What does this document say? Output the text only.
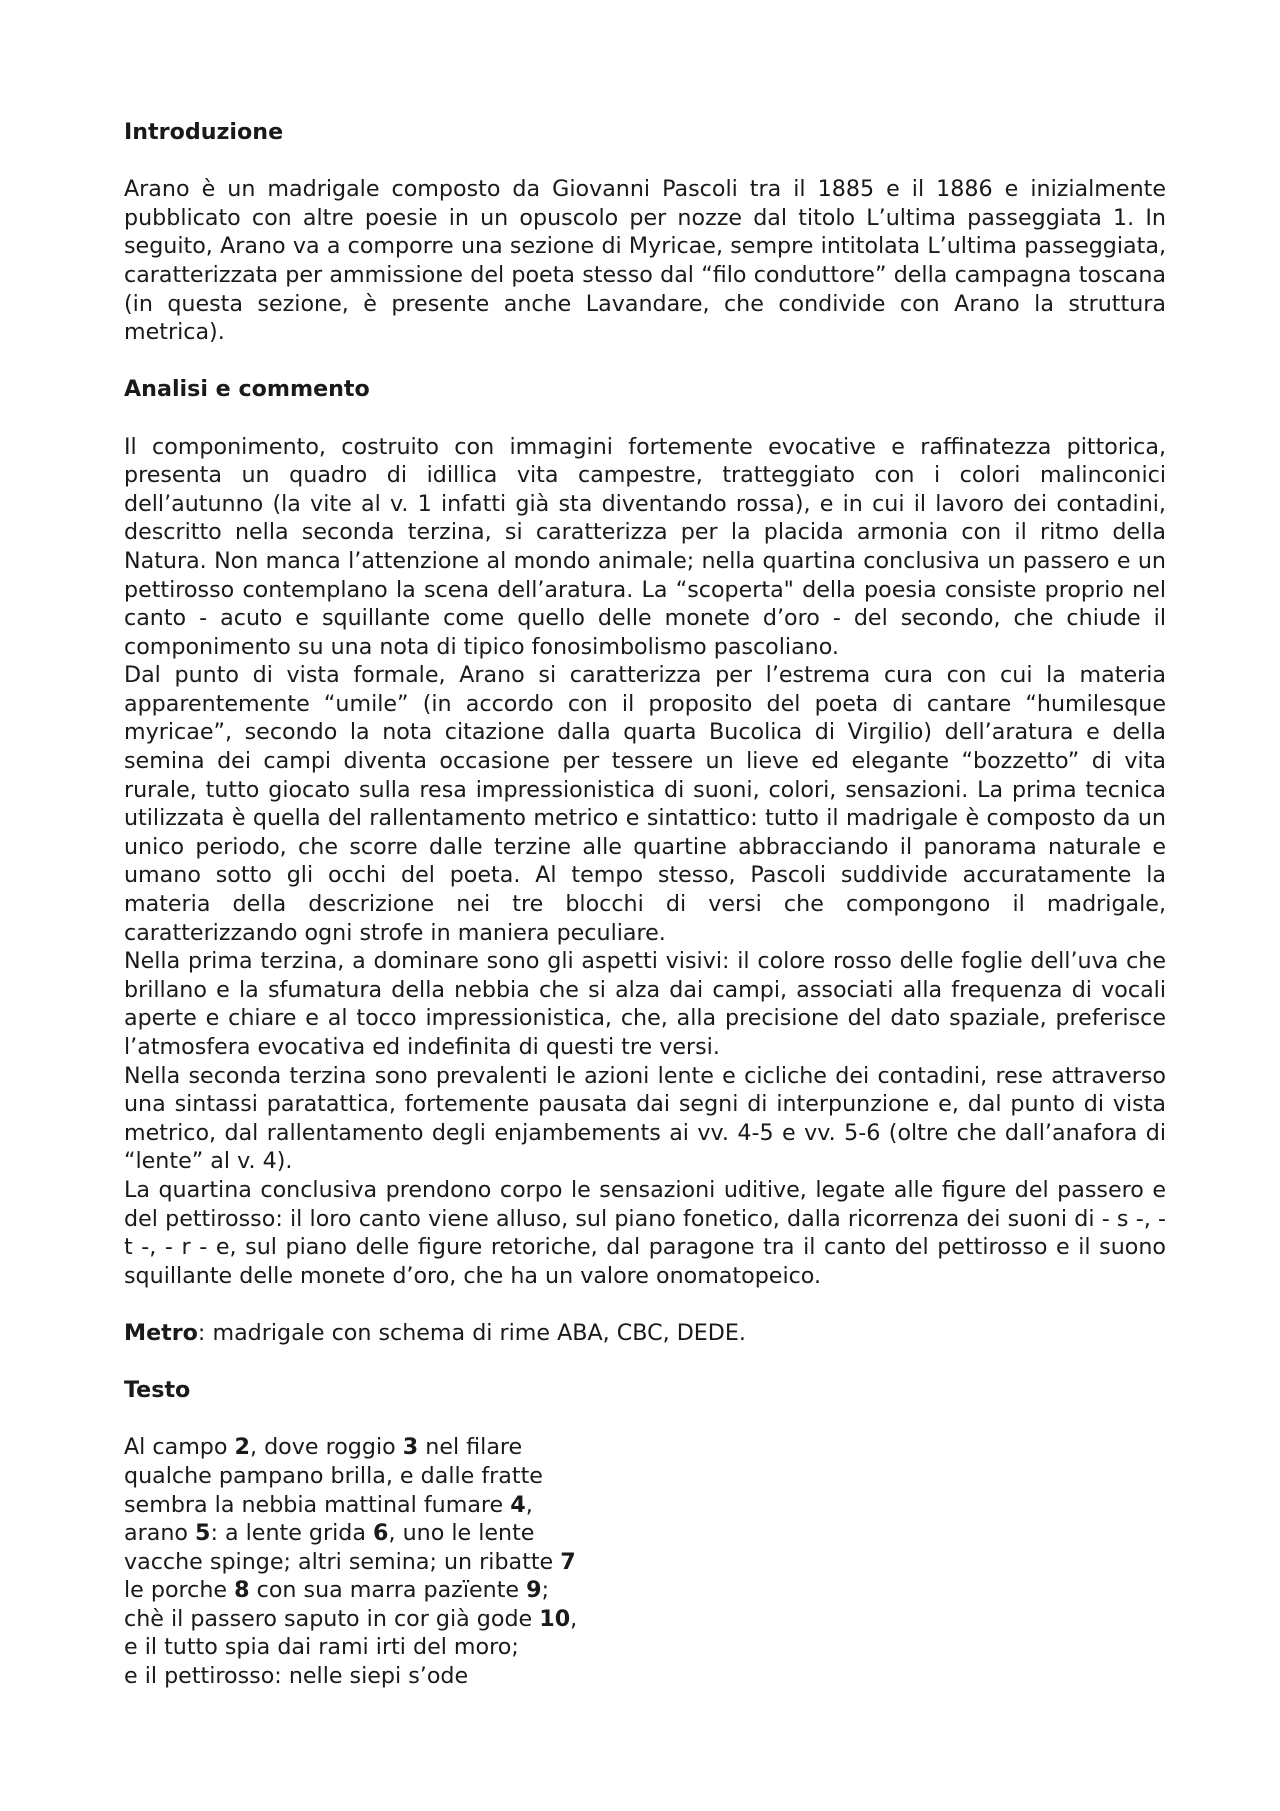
Introduzione

Arano è un madrigale composto da Giovanni Pascoli tra il 1885 e il 1886 e inizialmente pubblicato con altre poesie in un opuscolo per nozze dal titolo L’ultima passeggiata 1. In seguito, Arano va a comporre una sezione di Myricae, sempre intitolata L’ultima passeggiata, caratterizzata per ammissione del poeta stesso dal “filo conduttore” della campagna toscana (in questa sezione, è presente anche Lavandare, che condivide con Arano la struttura metrica).

Analisi e commento

Il componimento, costruito con immagini fortemente evocative e raffinatezza pittorica, presenta un quadro di idillica vita campestre, tratteggiato con i colori malinconici dell’autunno (la vite al v. 1 infatti già sta diventando rossa), e in cui il lavoro dei contadini, descritto nella seconda terzina, si caratterizza per la placida armonia con il ritmo della Natura. Non manca l’attenzione al mondo animale; nella quartina conclusiva un passero e un pettirosso contemplano la scena dell’aratura. La “scoperta" della poesia consiste proprio nel canto - acuto e squillante come quello delle monete d’oro - del secondo, che chiude il componimento su una nota di tipico fonosimbolismo pascoliano.

Dal punto di vista formale, Arano si caratterizza per l’estrema cura con cui la materia apparentemente “umile” (in accordo con il proposito del poeta di cantare “humilesque myricae”, secondo la nota citazione dalla quarta Bucolica di Virgilio) dell’aratura e della semina dei campi diventa occasione per tessere un lieve ed elegante “bozzetto” di vita rurale, tutto giocato sulla resa impressionistica di suoni, colori, sensazioni. La prima tecnica utilizzata è quella del rallentamento metrico e sintattico: tutto il madrigale è composto da un unico periodo, che scorre dalle terzine alle quartine abbracciando il panorama naturale e umano sotto gli occhi del poeta. Al tempo stesso, Pascoli suddivide accuratamente la materia della descrizione nei tre blocchi di versi che compongono il madrigale, caratterizzando ogni strofe in maniera peculiare.

Nella prima terzina, a dominare sono gli aspetti visivi: il colore rosso delle foglie dell’uva che brillano e la sfumatura della nebbia che si alza dai campi, associati alla frequenza di vocali aperte e chiare e al tocco impressionistica, che, alla precisione del dato spaziale, preferisce l’atmosfera evocativa ed indefinita di questi tre versi.

Nella seconda terzina sono prevalenti le azioni lente e cicliche dei contadini, rese attraverso una sintassi paratattica, fortemente pausata dai segni di interpunzione e, dal punto di vista metrico, dal rallentamento degli enjambements ai vv. 4-5 e vv. 5-6 (oltre che dall’anafora di “lente” al v. 4).

La quartina conclusiva prendono corpo le sensazioni uditive, legate alle figure del passero e del pettirosso: il loro canto viene alluso, sul piano fonetico, dalla ricorrenza dei suoni di - s -, - t -, - r - e, sul piano delle figure retoriche, dal paragone tra il canto del pettirosso e il suono squillante delle monete d’oro, che ha un valore onomatopeico.

Metro: madrigale con schema di rime ABA, CBC, DEDE.

Testo

Al campo 2, dove roggio 3 nel filare
qualche pampano brilla, e dalle fratte
sembra la nebbia mattinal fumare 4,
arano 5: a lente grida 6, uno le lente
vacche spinge; altri semina; un ribatte 7
le porche 8 con sua marra pazïente 9;
chè il passero saputo in cor già gode 10,
e il tutto spia dai rami irti del moro;
e il pettirosso: nelle siepi s’ode
